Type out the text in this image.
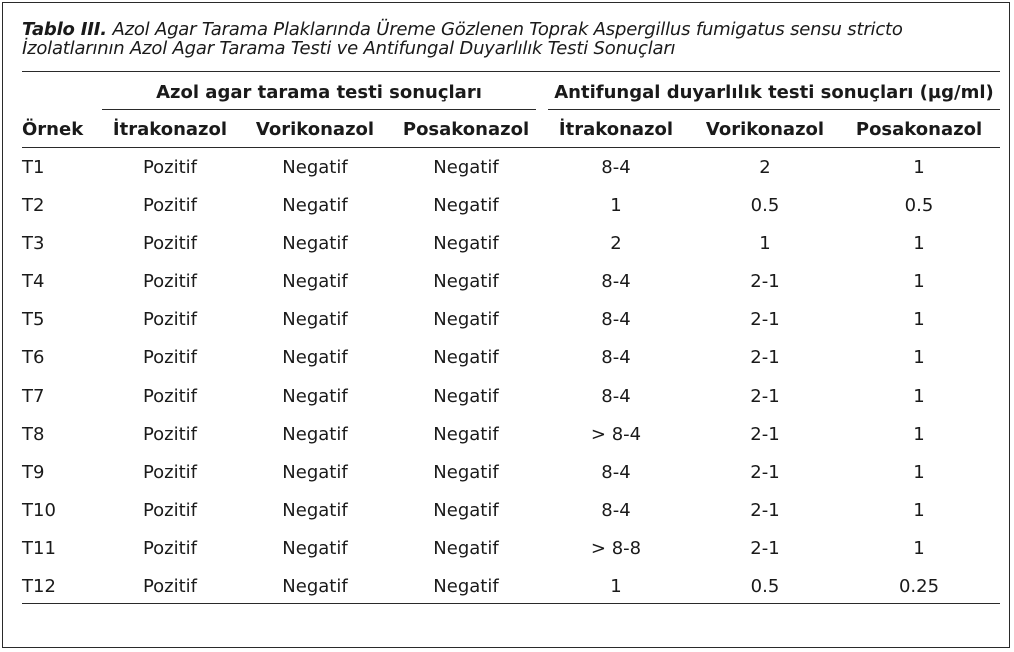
Tablo III. Azol Agar Tarama Plaklarında Üreme Gözlenen Toprak Aspergillus fumigatus sensu stricto İzolatlarının Azol Agar Tarama Testi ve Antifungal Duyarlılık Testi Sonuçları
Azol agar tarama testi sonuçları	Antifungal duyarlılık testi sonuçları (µg/ml)
Örnek	İtrakonazol	Vorikonazol	Posakonazol	İtrakonazol	Vorikonazol	Posakonazol
T1	Pozitif	Negatif	Negatif	8-4	2	1
T2	Pozitif	Negatif	Negatif	1	0.5	0.5
T3	Pozitif	Negatif	Negatif	2	1	1
T4	Pozitif	Negatif	Negatif	8-4	2-1	1
T5	Pozitif	Negatif	Negatif	8-4	2-1	1
T6	Pozitif	Negatif	Negatif	8-4	2-1	1
T7	Pozitif	Negatif	Negatif	8-4	2-1	1
T8	Pozitif	Negatif	Negatif	> 8-4	2-1	1
T9	Pozitif	Negatif	Negatif	8-4	2-1	1
T10	Pozitif	Negatif	Negatif	8-4	2-1	1
T11	Pozitif	Negatif	Negatif	> 8-8	2-1	1
T12	Pozitif	Negatif	Negatif	1	0.5	0.25
